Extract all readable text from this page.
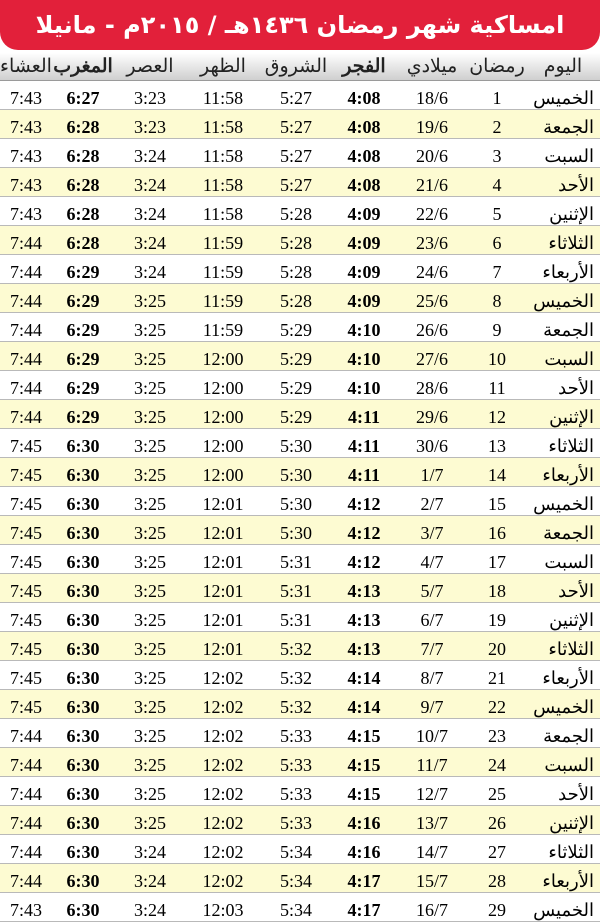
امساكية شهر رمضان ١٤٣٦هـ / ٢٠١٥م - مانيلا
اليوم	رمضان	ميلادي	الفجر	الشروق	الظهر	العصر	المغرب	العشاء
الخميس	1	18/6	4:08	5:27	11:58	3:23	6:27	7:43
الجمعة	2	19/6	4:08	5:27	11:58	3:23	6:28	7:43
السبت	3	20/6	4:08	5:27	11:58	3:24	6:28	7:43
الأحد	4	21/6	4:08	5:27	11:58	3:24	6:28	7:43
الإثنين	5	22/6	4:09	5:28	11:58	3:24	6:28	7:43
الثلاثاء	6	23/6	4:09	5:28	11:59	3:24	6:28	7:44
الأربعاء	7	24/6	4:09	5:28	11:59	3:24	6:29	7:44
الخميس	8	25/6	4:09	5:28	11:59	3:25	6:29	7:44
الجمعة	9	26/6	4:10	5:29	11:59	3:25	6:29	7:44
السبت	10	27/6	4:10	5:29	12:00	3:25	6:29	7:44
الأحد	11	28/6	4:10	5:29	12:00	3:25	6:29	7:44
الإثنين	12	29/6	4:11	5:29	12:00	3:25	6:29	7:44
الثلاثاء	13	30/6	4:11	5:30	12:00	3:25	6:30	7:45
الأربعاء	14	1/7	4:11	5:30	12:00	3:25	6:30	7:45
الخميس	15	2/7	4:12	5:30	12:01	3:25	6:30	7:45
الجمعة	16	3/7	4:12	5:30	12:01	3:25	6:30	7:45
السبت	17	4/7	4:12	5:31	12:01	3:25	6:30	7:45
الأحد	18	5/7	4:13	5:31	12:01	3:25	6:30	7:45
الإثنين	19	6/7	4:13	5:31	12:01	3:25	6:30	7:45
الثلاثاء	20	7/7	4:13	5:32	12:01	3:25	6:30	7:45
الأربعاء	21	8/7	4:14	5:32	12:02	3:25	6:30	7:45
الخميس	22	9/7	4:14	5:32	12:02	3:25	6:30	7:45
الجمعة	23	10/7	4:15	5:33	12:02	3:25	6:30	7:44
السبت	24	11/7	4:15	5:33	12:02	3:25	6:30	7:44
الأحد	25	12/7	4:15	5:33	12:02	3:25	6:30	7:44
الإثنين	26	13/7	4:16	5:33	12:02	3:25	6:30	7:44
الثلاثاء	27	14/7	4:16	5:34	12:02	3:24	6:30	7:44
الأربعاء	28	15/7	4:17	5:34	12:02	3:24	6:30	7:44
الخميس	29	16/7	4:17	5:34	12:03	3:24	6:30	7:43
